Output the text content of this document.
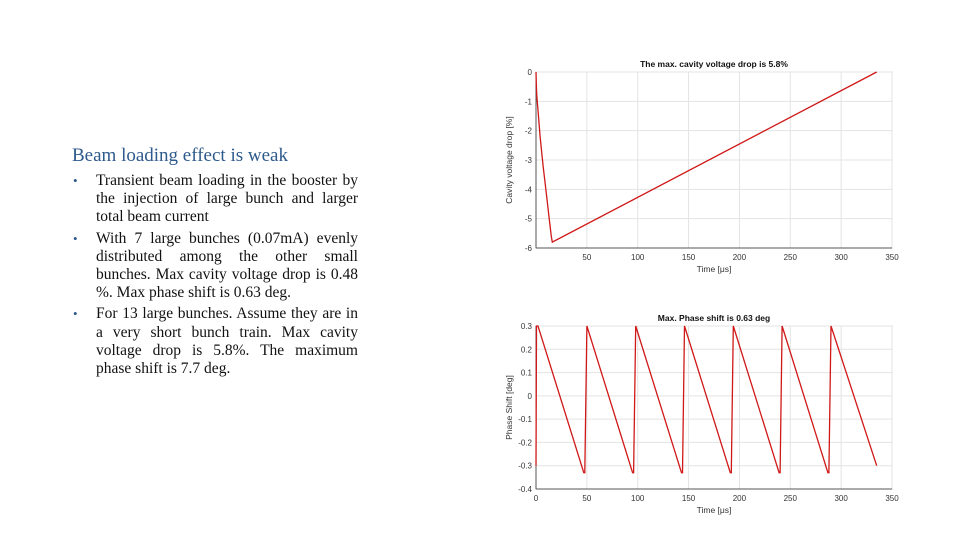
Beam loading effect is weak
• Transient beam loading in the booster by the injection of large bunch and larger total beam current
• With 7 large bunches (0.07mA) evenly distributed among the other small bunches. Max cavity voltage drop is 0.48 %. Max phase shift is 0.63 deg.
• For 13 large bunches. Assume they are in a very short bunch train. Max cavity voltage drop is 5.8%. The maximum phase shift is 7.7 deg.
0
-1
-2
-3
-4
-5
-6
50	100	150	200	250	300	350
The max. cavity voltage drop is 5.8%
Time [μs]
Cavity voltage drop [%]
0.3
0.2
0.1
0
-0.1
-0.2
-0.3
-0.4
0	50	100	150	200	250	300	350
Max. Phase shift is 0.63 deg
Time [μs]
Phase Shift [deg]
